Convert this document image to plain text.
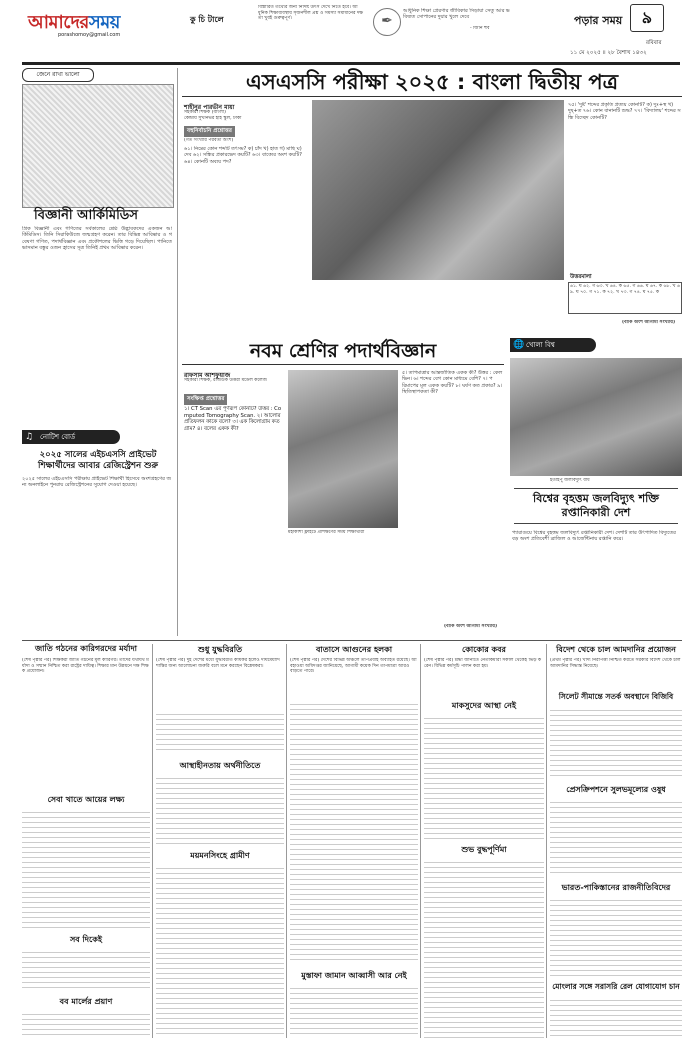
আমাদেরসময়
porashomoy@gmail.com
কু চি টালে
বিস্তারিত তথ্যের জন্য নির্দিষ্ট উৎস দেখে নিতে হবে। আধুনিক শিক্ষাব্যবস্থায় সৃজনশীল প্রশ্ন ও সমস্যা সমাধানের দক্ষতা খুবই গুরুত্বপূর্ণ।	✒
আধুনিক শিক্ষা প্রেরণার জীবিকার সিঁড়ায়া সেতু আর ভবিষ্যত সোপানের দুয়ার খুলে দেবে
- জিনি হুব
পড়ার সময়	৯
রবিবার
১১ মে ২০২৫ ॥ ২৮ বৈশাখ ১৪৩২
জেনে রাখা ভালো
বিজ্ঞানী আর্কিমিডিস
গ্রিক বিজ্ঞানী এবং গণিতের সর্বকালের শ্রেষ্ঠ উদ্ভাবকদের একজন আর্কিমিডিস। তিনি সিরাকিউজে জন্মগ্রহণ করেন। তার বিভিন্ন আবিষ্কার ও গবেষণা গণিত, পদার্থবিজ্ঞান এবং প্রকৌশলের ভিত্তি গড়ে দিয়েছিল। পানিতে ভাসমান বস্তুর ওজন হ্রাসের সূত্র তিনিই প্রথম আবিষ্কার করেন।
♫ নোটিশ বোর্ড
২০২৫ সালের এইচএসসি প্রাইভেট শিক্ষার্থীদের আবার রেজিস্ট্রেশন শুরু
২০২৫ সালের এইচএসসি পরীক্ষায় প্রাইভেট শিক্ষার্থী হিসেবে অংশগ্রহণের জন্য অনলাইনে পুনরায় রেজিস্ট্রেশনের সুযোগ দেওয়া হয়েছে।
এসএসসি পরীক্ষা ২০২৫ : বাংলা দ্বিতীয় পত্র
শাহীনুর পারভীন মায়া
সহকারী শিক্ষক (বাংলা)
কেন্দ্রীয় সুখনির্ভর হাই স্কুল, ঢাকা
বহুনির্বাচনি প্রশ্নোত্তর
(গত সংখ্যার পরবর্তী অংশ)
৬১। নিম্নের কোন শব্দটি তৎসম? ক) চাঁদ খ) হাত গ) মাছি ঘ) দেব ৬২। সন্ধির প্রকারভেদ কয়টি? ৬৩। বাক্যের অংশ কয়টি? ৬৪। কোনটি অব্যয় পদ?
৭৫। 'দুষ্ট' শব্দের প্রকৃতি প্রত্যয় কোনটি? ক) দুঃ+স্থ খ) দুষ্+ত ৭৬। কোন বানানটি শুদ্ধ? ৭৭। 'বিদ্যালয়' শব্দের সন্ধি বিচ্ছেদ কোনটি?
উত্তরমালা
৬১. ঘ ৬২. গ ৬৩. খ ৬৪. ক ৬৫. গ ৬৬. ঘ ৬৭. ক ৬৮. খ ৬৯. ঘ ৭০. গ ৭১. ক ৭২. খ ৭৩. গ ৭৪. ঘ ৭৫. ক
(বাকি অংশ আগামী সংখ্যায়)
নবম শ্রেণির পদার্থবিজ্ঞান
রাফসাম আশফুয়াজ
সহকারী শিক্ষক, রাজউক উত্তরা মডেল কলেজ
সংক্ষিপ্ত প্রশ্নোত্তর
১। CT Scan এর পূর্ণরূপ কোনটি? উত্তর : Computed Tomography Scan. ২। আলোর প্রতিফলন কাকে বলে? ৩। এক কিলোগ্রাম কত গ্রাম? ৪। বলের একক কী?
মহাকাশী ফ্লাইটে প্রশিক্ষণের সময় শিক্ষার্থীরা
৫। তাপমাত্রার আন্তর্জাতিক একক কী? উত্তর : কেলভিন। ৬। শব্দের বেগ কোন মাধ্যমে বেশি? ৭। পরিমাপের মূল একক কয়টি? ৮। ঘর্ষণ কত প্রকার? ৯। স্থিতিস্থাপকতা কী?
(বাকি অংশ আগামী সংখ্যায়)
🌐 খোলা বিশ্ব
ইতাইপু জলবিদ্যুৎ বাঁধ
বিশ্বের বৃহত্তম জলবিদ্যুৎ শক্তি রপ্তানিকারী দেশ
প্যারাগুয়ে বিশ্বের বৃহত্তম জলবিদ্যুৎ রপ্তানিকারী দেশ। দেশটি তার উৎপাদিত বিদ্যুতের বড় অংশ প্রতিবেশী ব্রাজিল ও আর্জেন্টিনায় রপ্তানি করে।
জাতি গঠনের কারিগরদের মর্যাদা
(শেষ পৃষ্ঠার পর) শিক্ষকরা জাতি গঠনের মূল কারিগর। তাদের যথাযথ মর্যাদা ও সম্মান নিশ্চিত করা রাষ্ট্রের দায়িত্ব। শিক্ষার মান উন্নয়নে দক্ষ শিক্ষক প্রয়োজন।
সেবা খাতে আয়ের লক্ষ্য
সব দিকেই
বব মার্লের প্রয়াণ
শুধু যুদ্ধবিরতি
(শেষ পৃষ্ঠার পর) দুই দেশের মধ্যে যুদ্ধবিরতি কার্যকর হলেও দীর্ঘমেয়াদি শান্তির জন্য আলোচনা জরুরি বলে মনে করছেন বিশ্লেষকরা।
আস্থাহীনতায় অর্থনীতিতে
ময়মনসিংহে গ্রামীণ
বাতাসে আগুনের হলকা
(শেষ পৃষ্ঠার পর) দেশের বিভিন্ন অঞ্চলে তাপপ্রবাহ অব্যাহত রয়েছে। আবহাওয়া অধিদপ্তর জানিয়েছে, আগামী কয়েক দিন তাপমাত্রা আরও বাড়তে পারে।
মুস্তাফা জামান আব্বাসী আর নেই
কোকোর কবর
(শেষ পৃষ্ঠার পর) শ্রদ্ধা জানাতে নেতাকর্মীরা সকাল থেকেই ভিড় করেন। বিভিন্ন কর্মসূচি পালন করা হয়।
মাকসুদের আস্থা নেই
শুভ বুদ্ধপূর্ণিমা
বিদেশ থেকে চাল আমদানির প্রয়োজন
(প্রথম পৃষ্ঠার পর) খাদ্য নিরাপত্তা নিশ্চিত করতে সরকার বিদেশ থেকে চাল আমদানির সিদ্ধান্ত নিয়েছে।
সিলেট সীমান্তে সতর্ক অবস্থানে বিজিবি
প্রেসক্রিপশনে সুলভমূল্যের ওষুধ
ভারত-পাকিস্তানের রাজনীতিবিদের
মোংলার সঙ্গে সরাসরি রেল যোগাযোগ চান
